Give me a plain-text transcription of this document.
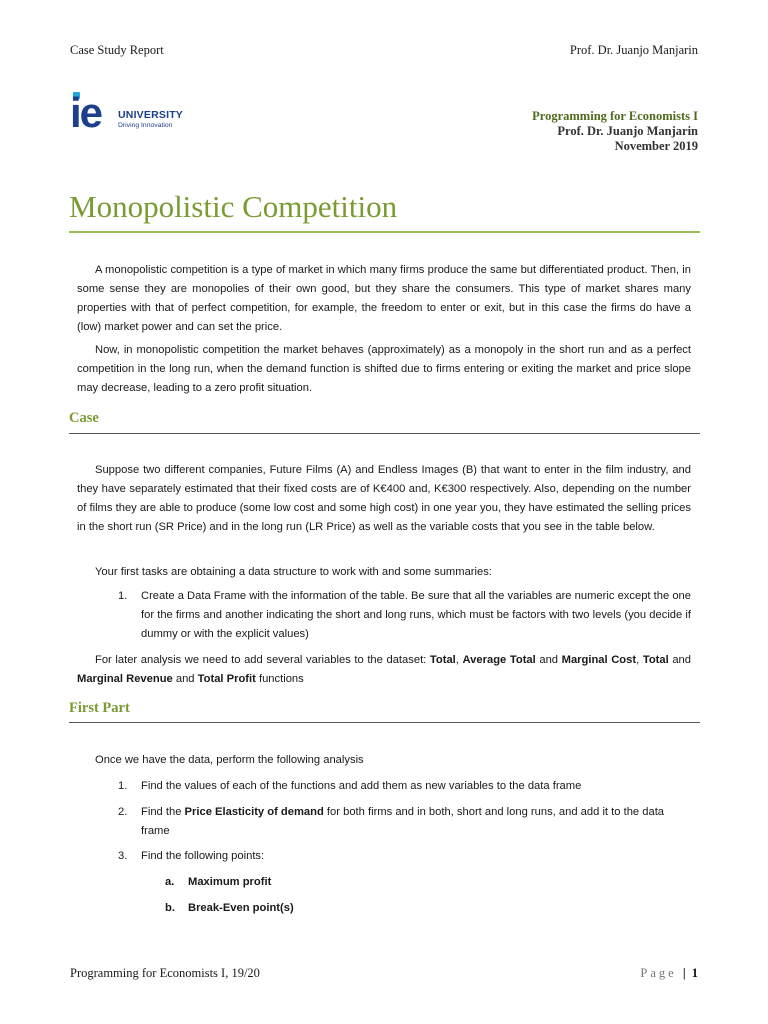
Case Study Report	Prof. Dr. Juanjo Manjarin
ie UNIVERSITY
Driving Innovation
Programming for Economists I
Prof. Dr. Juanjo Manjarin
November 2019
Monopolistic Competition
A monopolistic competition is a type of market in which many firms produce the same but differentiated product. Then, in some sense they are monopolies of their own good, but they share the consumers. This type of market shares many properties with that of perfect competition, for example, the freedom to enter or exit, but in this case the firms do have a (low) market power and can set the price.
Now, in monopolistic competition the market behaves (approximately) as a monopoly in the short run and as a perfect competition in the long run, when the demand function is shifted due to firms entering or exiting the market and price slope may decrease, leading to a zero profit situation.
Case
Suppose two different companies, Future Films (A) and Endless Images (B) that want to enter in the film industry, and they have separately estimated that their fixed costs are of K€400 and, K€300 respectively. Also, depending on the number of films they are able to produce (some low cost and some high cost) in one year you, they have estimated the selling prices in the short run (SR Price) and in the long run (LR Price) as well as the variable costs that you see in the table below.
Your first tasks are obtaining a data structure to work with and some summaries:
1. Create a Data Frame with the information of the table. Be sure that all the variables are numeric except the one for the firms and another indicating the short and long runs, which must be factors with two levels (you decide if dummy or with the explicit values)
For later analysis we need to add several variables to the dataset: Total, Average Total and Marginal Cost, Total and Marginal Revenue and Total Profit functions
First Part
Once we have the data, perform the following analysis
1. Find the values of each of the functions and add them as new variables to the data frame
2. Find the Price Elasticity of demand for both firms and in both, short and long runs, and add it to the data frame
3. Find the following points:
a. Maximum profit
b. Break-Even point(s)
Programming for Economists I, 19/20	Page | 1
